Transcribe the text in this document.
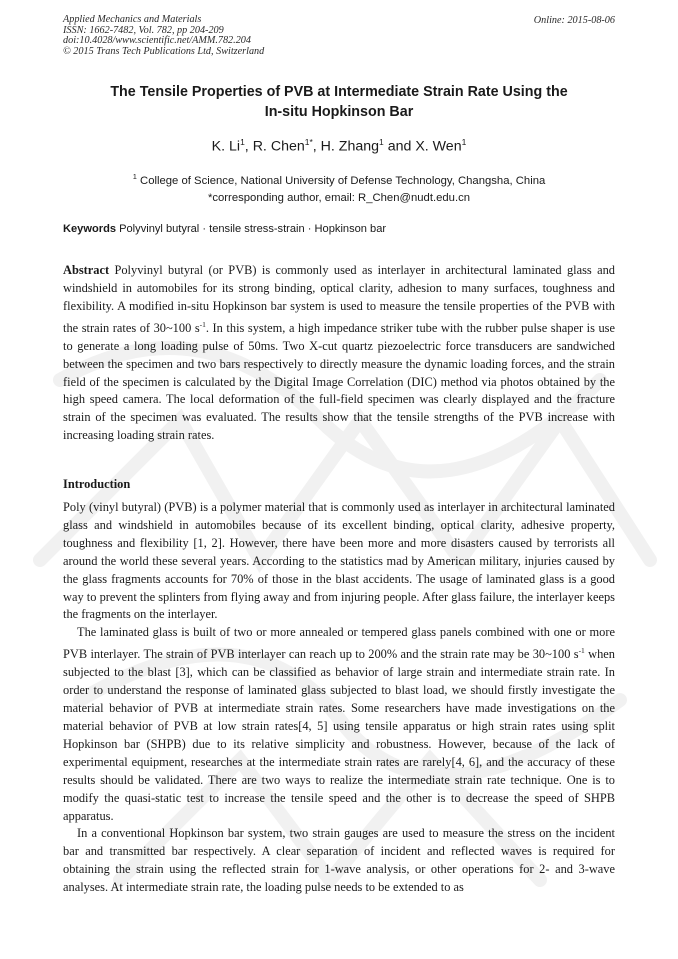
Applied Mechanics and Materials
ISSN: 1662-7482, Vol. 782, pp 204-209
doi:10.4028/www.scientific.net/AMM.782.204
© 2015 Trans Tech Publications Ltd, Switzerland
Online: 2015-08-06
The Tensile Properties of PVB at Intermediate Strain Rate Using the
In-situ Hopkinson Bar
K. Li$^1$, R. Chen$^{1*}$, H. Zhang$^1$ and X. Wen$^1$
$^1$ College of Science, National University of Defense Technology, Changsha, China
*corresponding author, email: R_Chen@nudt.edu.cn
Keywords Polyvinyl butyral · tensile stress-strain · Hopkinson bar
Abstract Polyvinyl butyral (or PVB) is commonly used as interlayer in architectural laminated glass and windshield in automobiles for its strong binding, optical clarity, adhesion to many surfaces, toughness and flexibility. A modified in-situ Hopkinson bar system is used to measure the tensile properties of the PVB with the strain rates of 30~100 $s^{-1}$. In this system, a high impedance striker tube with the rubber pulse shaper is use to generate a long loading pulse of 50ms. Two X-cut quartz piezoelectric force transducers are sandwiched between the specimen and two bars respectively to directly measure the dynamic loading forces, and the strain field of the specimen is calculated by the Digital Image Correlation (DIC) method via photos obtained by the high speed camera. The local deformation of the full-field specimen was clearly displayed and the fracture strain of the specimen was evaluated. The results show that the tensile strengths of the PVB increase with increasing loading strain rates.
Introduction

Poly (vinyl butyral) (PVB) is a polymer material that is commonly used as interlayer in architectural laminated glass and windshield in automobiles because of its excellent binding, optical clarity, adhesive property, toughness and flexibility [1, 2]. However, there have been more and more disasters caused by terrorists all around the world these several years. According to the statistics mad by American military, injuries caused by the glass fragments accounts for 70% of those in the blast accidents. The usage of laminated glass is a good way to prevent the splinters from flying away and from injuring people. After glass failure, the interlayer keeps the fragments on the interlayer.

The laminated glass is built of two or more annealed or tempered glass panels combined with one or more PVB interlayer. The strain of PVB interlayer can reach up to 200% and the strain rate may be 30~100 $s^{-1}$ when subjected to the blast [3], which can be classified as behavior of large strain and intermediate strain rate. In order to understand the response of laminated glass subjected to blast load, we should firstly investigate the material behavior of PVB at intermediate strain rates. Some researchers have made investigations on the material behavior of PVB at low strain rates[4, 5] using tensile apparatus or high strain rates using split Hopkinson bar (SHPB) due to its relative simplicity and robustness. However, because of the lack of experimental equipment, researches at the intermediate strain rates are rarely[4, 6], and the accuracy of these results should be validated. There are two ways to realize the intermediate strain rate technique. One is to modify the quasi-static test to increase the tensile speed and the other is to decrease the speed of SHPB apparatus.

In a conventional Hopkinson bar system, two strain gauges are used to measure the stress on the incident bar and transmitted bar respectively. A clear separation of incident and reflected waves is required for obtaining the strain using the reflected strain for 1-wave analysis, or other operations for 2- and 3-wave analyses. At intermediate strain rate, the loading pulse needs to be extended to as
